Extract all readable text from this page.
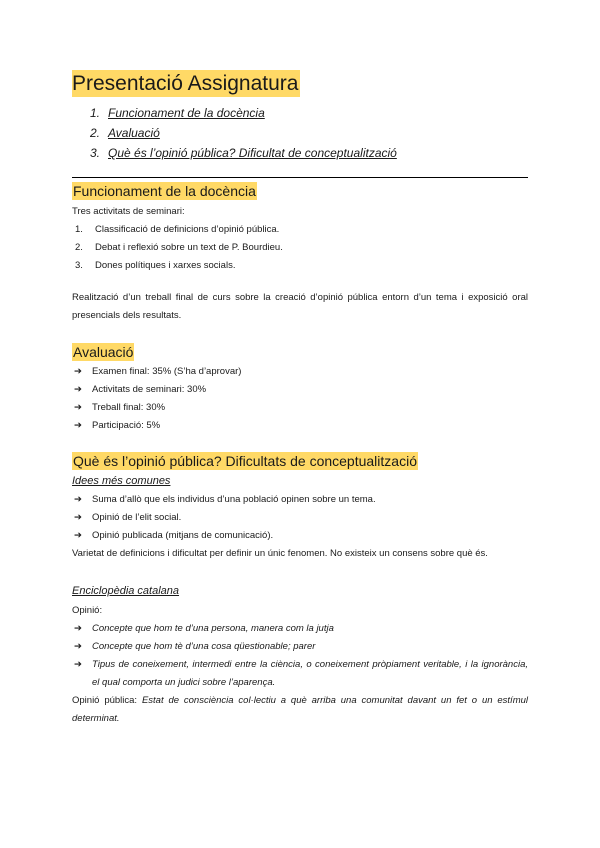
Presentació Assignatura
1. Funcionament de la docència
2. Avaluació
3. Què és l’opinió pública? Dificultat de conceptualització
Funcionament de la docència

Tres activitats de seminari:

1. Classificació de definicions d’opinió pública.
2. Debat i reflexió sobre un text de P. Bourdieu.
3. Dones polítiques i xarxes socials.

Realització d’un treball final de curs sobre la creació d’opinió pública entorn d’un tema i exposició oral presencials dels resultats.

Avaluació
➔ Examen final: 35% (S’ha d’aprovar)
➔ Activitats de seminari: 30%
➔ Treball final: 30%
➔ Participació: 5%
Què és l’opinió pública? Dificultats de conceptualització
Idees més comunes
➔ Suma d’allò que els individus d’una població opinen sobre un tema.
➔ Opinió de l’elit social.
➔ Opinió publicada (mitjans de comunicació).

Varietat de definicions i dificultat per definir un únic fenomen. No existeix un consens sobre què és.

Enciclopèdia catalana

Opinió:

➔ Concepte que hom te d’una persona, manera com la jutja
➔ Concepte que hom tè d’una cosa qüestionable; parer
➔ Tipus de coneixement, intermedi entre la ciència, o coneixement pròpiament veritable, i la ignorància, el qual comporta un judici sobre l’aparença.

Opinió pública: Estat de consciència col·lectiu a què arriba una comunitat davant un fet o un estímul determinat.
